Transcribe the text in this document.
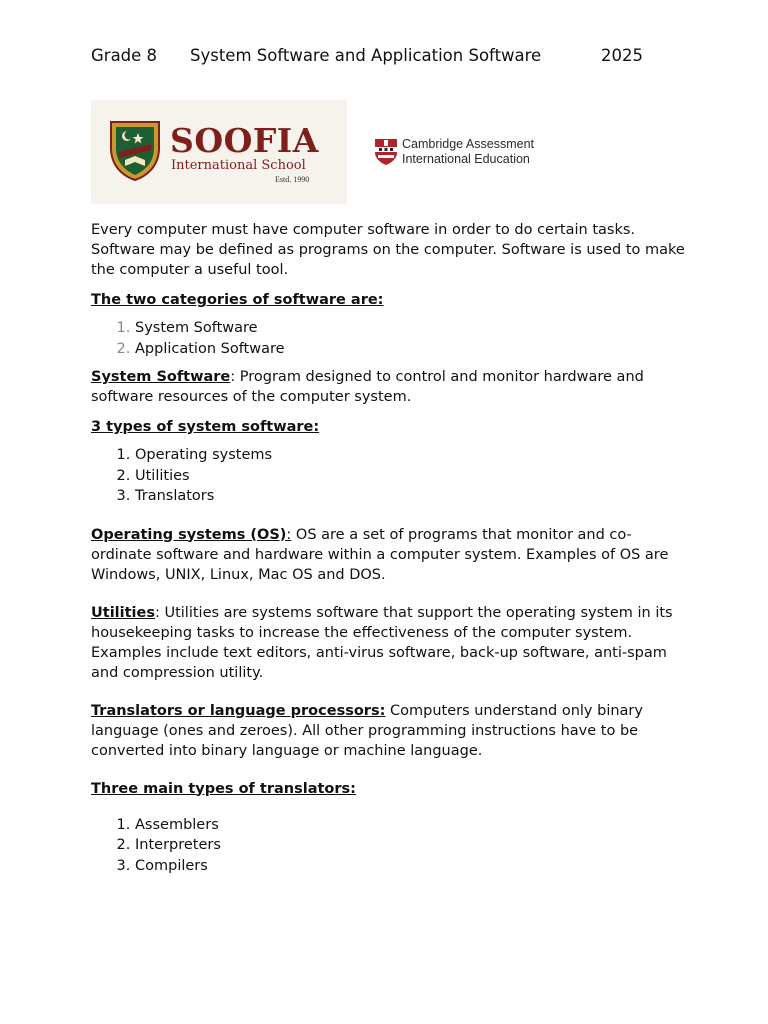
Grade 8 System Software and Application Software	2025
SOOFIA
International School
Estd. 1990
Cambridge Assessment
International Education

Every computer must have computer software in order to do certain tasks. Software may be defined as programs on the computer. Software is used to make the computer a useful tool.

The two categories of software are:
1. System Software
2. Application Software

System Software: Program designed to control and monitor hardware and software resources of the computer system.

3 types of system software:
1. Operating systems
2. Utilities
3. Translators

Operating systems (OS): OS are a set of programs that monitor and co-ordinate software and hardware within a computer system. Examples of OS are Windows, UNIX, Linux, Mac OS and DOS.

Utilities: Utilities are systems software that support the operating system in its housekeeping tasks to increase the effectiveness of the computer system. Examples include text editors, anti-virus software, back-up software, anti-spam and compression utility.

Translators or language processors: Computers understand only binary language (ones and zeroes). All other programming instructions have to be converted into binary language or machine language.

Three main types of translators:
1. Assemblers
2. Interpreters
3. Compilers
